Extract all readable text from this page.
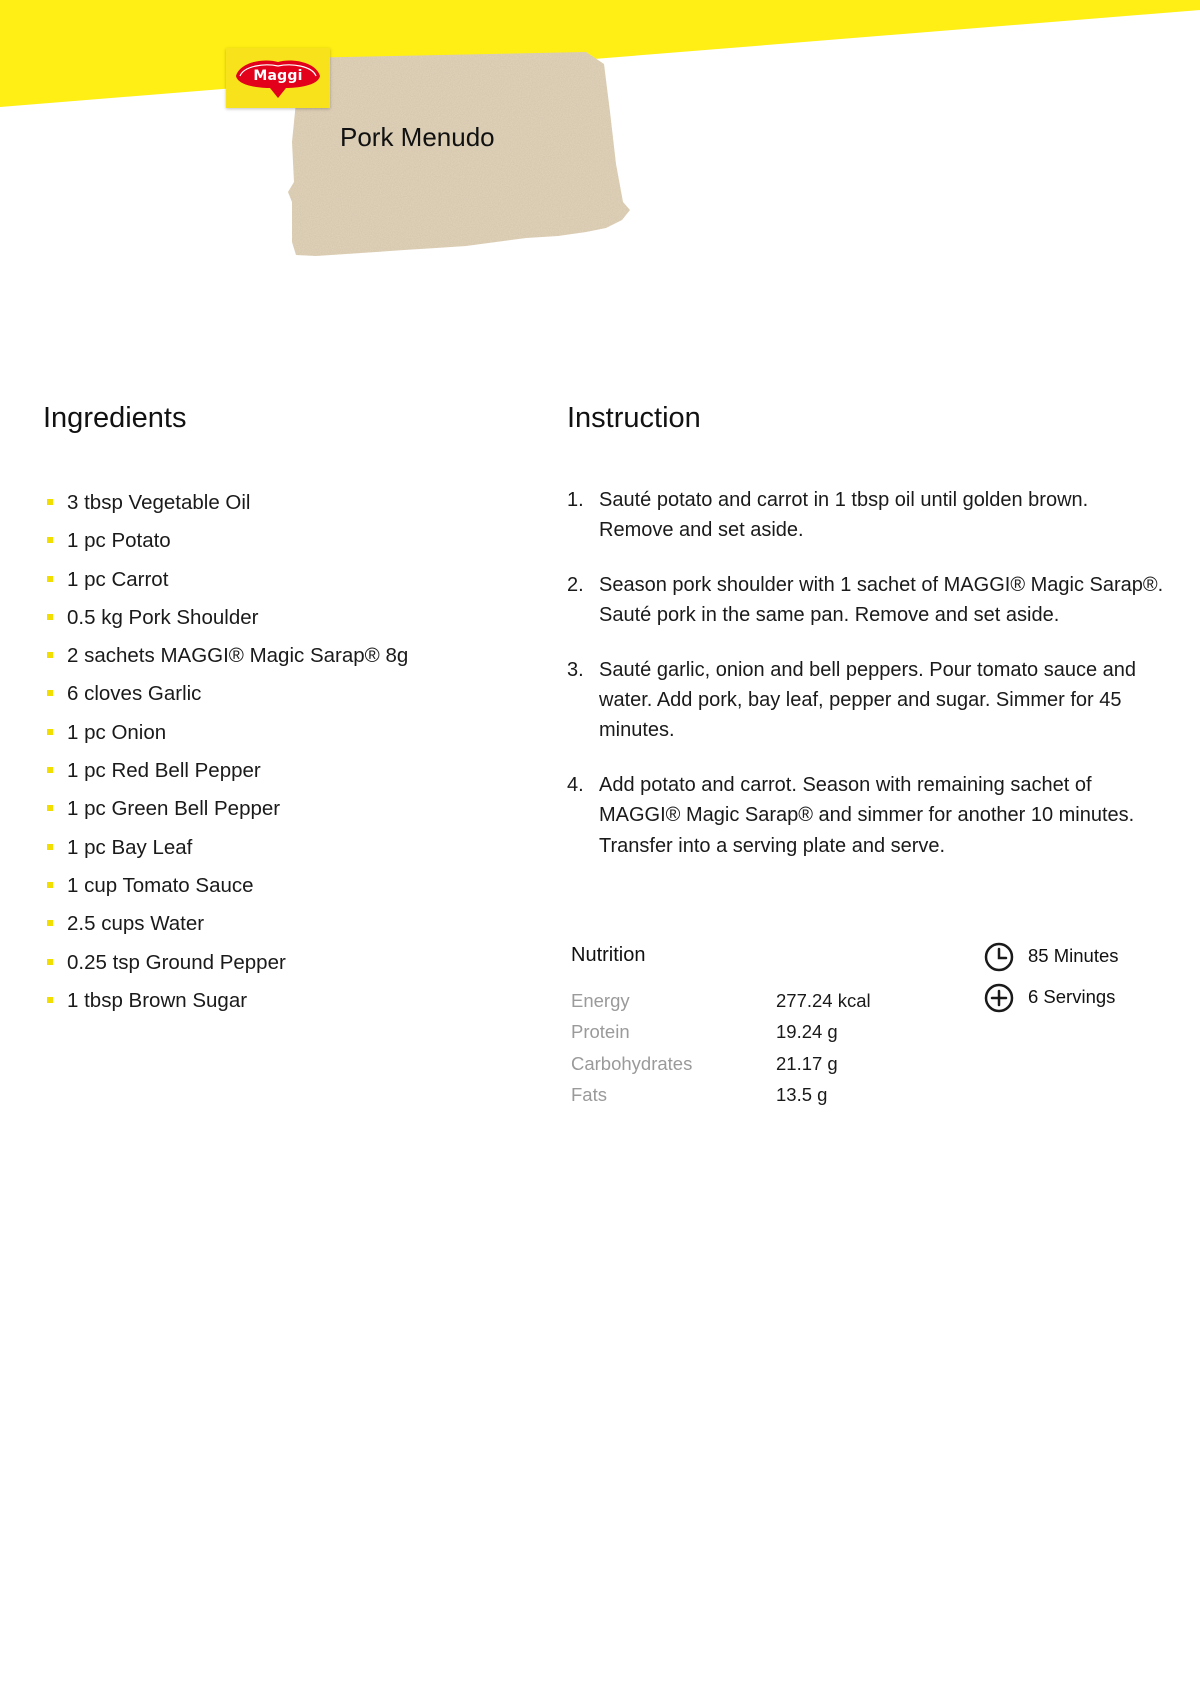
Maggi
Pork Menudo
Ingredients
3 tbsp Vegetable Oil
1 pc Potato
1 pc Carrot
0.5 kg Pork Shoulder
2 sachets MAGGI® Magic Sarap® 8g
6 cloves Garlic
1 pc Onion
1 pc Red Bell Pepper
1 pc Green Bell Pepper
1 pc Bay Leaf
1 cup Tomato Sauce
2.5 cups Water
0.25 tsp Ground Pepper
1 tbsp Brown Sugar
Instruction
1. Sauté potato and carrot in 1 tbsp oil until golden brown. Remove and set aside.
2. Season pork shoulder with 1 sachet of MAGGI® Magic Sarap®. Sauté pork in the same pan. Remove and set aside.
3. Sauté garlic, onion and bell peppers. Pour tomato sauce and water. Add pork, bay leaf, pepper and sugar. Simmer for 45 minutes.
4. Add potato and carrot. Season with remaining sachet of MAGGI® Magic Sarap® and simmer for another 10 minutes. Transfer into a serving plate and serve.
Nutrition
Energy	277.24 kcal
Protein	19.24 g
Carbohydrates	21.17 g
Fats	13.5 g
85 Minutes
6 Servings
